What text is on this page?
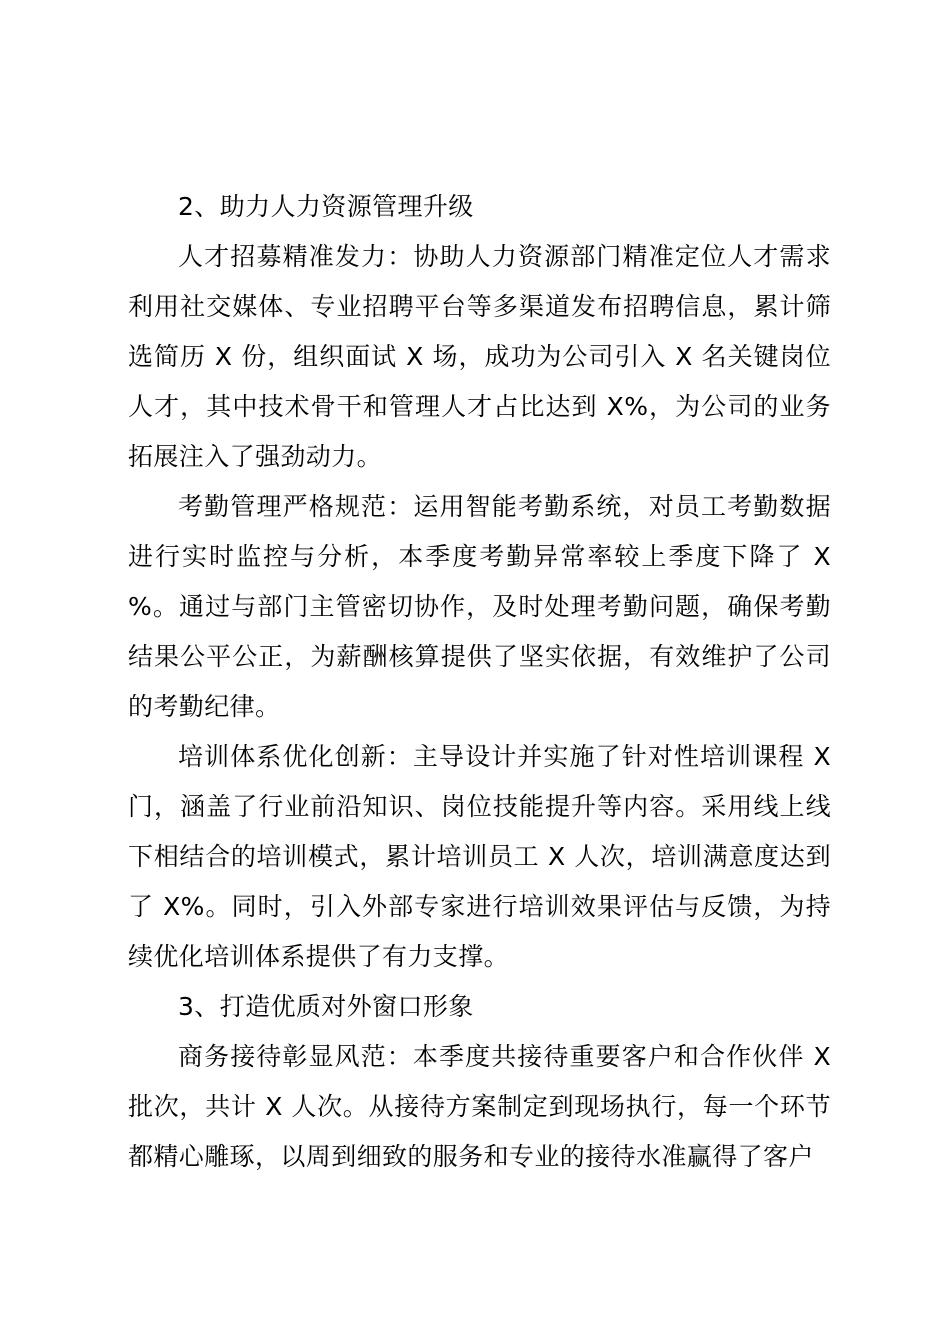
2、助力人力资源管理升级

人才招募精准发力：协助人力资源部门精准定位人才需求利用社交媒体、专业招聘平台等多渠道发布招聘信息，累计筛选简历 X 份，组织面试 X 场，成功为公司引入 X 名关键岗位人才，其中技术骨干和管理人才占比达到 X%，为公司的业务拓展注入了强劲动力。

考勤管理严格规范：运用智能考勤系统，对员工考勤数据进行实时监控与分析，本季度考勤异常率较上季度下降了 X %。通过与部门主管密切协作，及时处理考勤问题，确保考勤结果公平公正，为薪酬核算提供了坚实依据，有效维护了公司的考勤纪律。

培训体系优化创新：主导设计并实施了针对性培训课程 X 门，涵盖了行业前沿知识、岗位技能提升等内容。采用线上线下相结合的培训模式，累计培训员工 X 人次，培训满意度达到了 X%。同时，引入外部专家进行培训效果评估与反馈，为持续优化培训体系提供了有力支撑。

3、打造优质对外窗口形象

商务接待彰显风范：本季度共接待重要客户和合作伙伴 X 批次，共计 X 人次。从接待方案制定到现场执行，每一个环节都精心雕琢，以周到细致的服务和专业的接待水准赢得了客户
